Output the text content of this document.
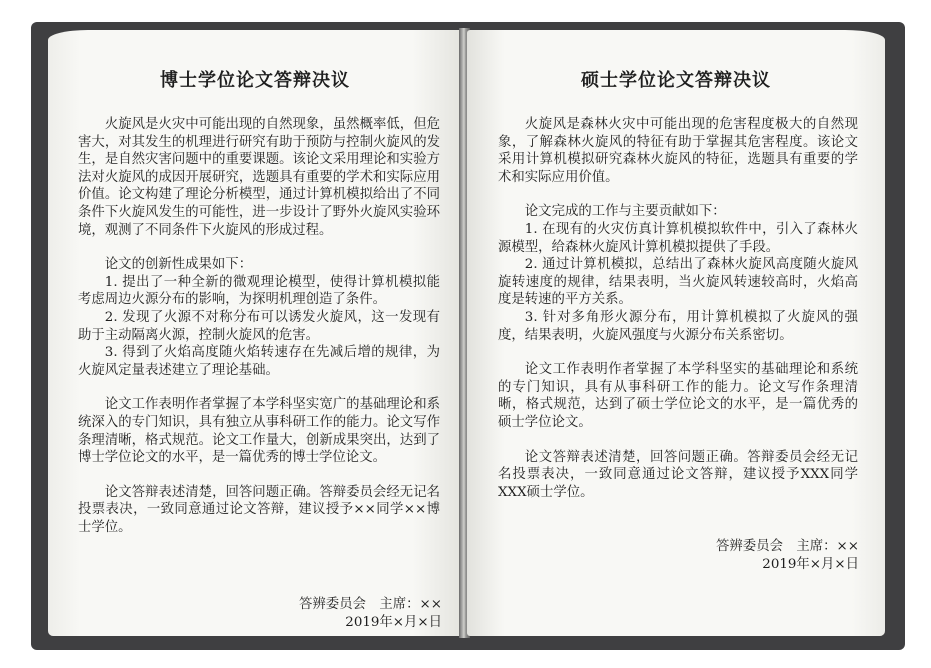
博士学位论文答辩决议

火旋风是火灾中可能出现的自然现象，虽然概率低，但危害大，对其发生的机理进行研究有助于预防与控制火旋风的发生，是自然灾害问题中的重要课题。该论文采用理论和实验方法对火旋风的成因开展研究，选题具有重要的学术和实际应用价值。论文构建了理论分析模型，通过计算机模拟给出了不同条件下火旋风发生的可能性，进一步设计了野外火旋风实验环境，观测了不同条件下火旋风的形成过程。

论文的创新性成果如下：

1. 提出了一种全新的微观理论模型，使得计算机模拟能考虑周边火源分布的影响，为探明机理创造了条件。

2. 发现了火源不对称分布可以诱发火旋风，这一发现有助于主动隔离火源，控制火旋风的危害。

3. 得到了火焰高度随火焰转速存在先减后增的规律，为火旋风定量表述建立了理论基础。

论文工作表明作者掌握了本学科坚实宽广的基础理论和系统深入的专门知识，具有独立从事科研工作的能力。论文写作条理清晰，格式规范。论文工作量大，创新成果突出，达到了博士学位论文的水平，是一篇优秀的博士学位论文。

论文答辩表述清楚，回答问题正确。答辩委员会经无记名投票表决，一致同意通过论文答辩，建议授予××同学××博士学位。

答辨委员会　主席：××
2019年×月×日
硕士学位论文答辩决议

火旋风是森林火灾中可能出现的危害程度极大的自然现象，了解森林火旋风的特征有助于掌握其危害程度。该论文采用计算机模拟研究森林火旋风的特征，选题具有重要的学术和实际应用价值。

论文完成的工作与主要贡献如下：

1. 在现有的火灾仿真计算机模拟软件中，引入了森林火源模型，给森林火旋风计算机模拟提供了手段。

2. 通过计算机模拟，总结出了森林火旋风高度随火旋风旋转速度的规律，结果表明，当火旋风转速较高时，火焰高度是转速的平方关系。

3. 针对多角形火源分布，用计算机模拟了火旋风的强度，结果表明，火旋风强度与火源分布关系密切。

论文工作表明作者掌握了本学科坚实的基础理论和系统的专门知识，具有从事科研工作的能力。论文写作条理清晰，格式规范，达到了硕士学位论文的水平，是一篇优秀的硕士学位论文。

论文答辩表述清楚，回答问题正确。答辩委员会经无记名投票表决，一致同意通过论文答辩，建议授予XXX同学XXX硕士学位。

答辨委员会　主席：××
2019年×月×日
